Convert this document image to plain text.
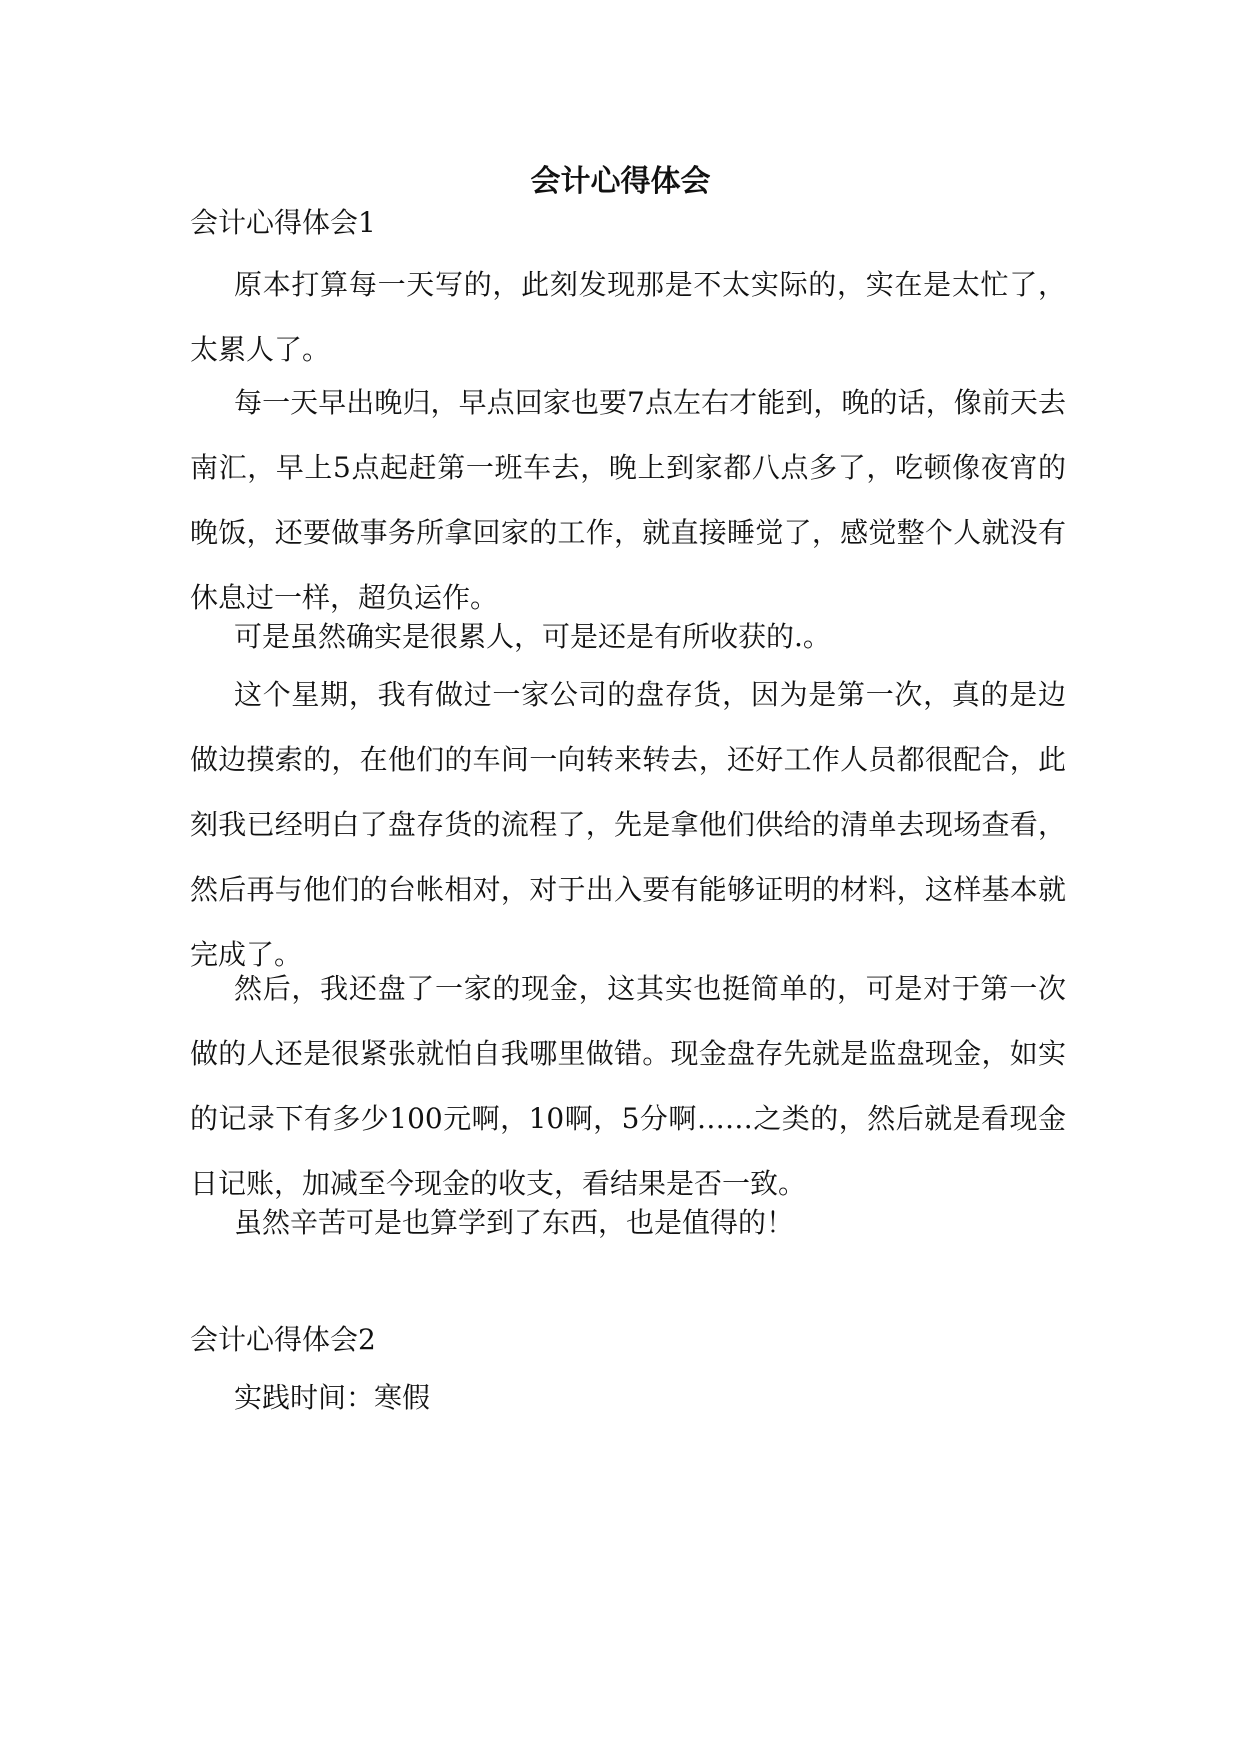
会计心得体会

会计心得体会1

原本打算每一天写的，此刻发现那是不太实际的，实在是太忙了，太累人了。

每一天早出晚归，早点回家也要7点左右才能到，晚的话，像前天去南汇，早上5点起赶第一班车去，晚上到家都八点多了，吃顿像夜宵的晚饭，还要做事务所拿回家的工作，就直接睡觉了，感觉整个人就没有休息过一样，超负运作。

可是虽然确实是很累人，可是还是有所收获的.。

这个星期，我有做过一家公司的盘存货，因为是第一次，真的是边做边摸索的，在他们的车间一向转来转去，还好工作人员都很配合，此刻我已经明白了盘存货的流程了，先是拿他们供给的清单去现场查看，然后再与他们的台帐相对，对于出入要有能够证明的材料，这样基本就完成了。

然后，我还盘了一家的现金，这其实也挺简单的，可是对于第一次做的人还是很紧张就怕自我哪里做错。现金盘存先就是监盘现金，如实的记录下有多少100元啊，10啊，5分啊……之类的，然后就是看现金日记账，加减至今现金的收支，看结果是否一致。

虽然辛苦可是也算学到了东西，也是值得的！

会计心得体会2

实践时间：寒假
